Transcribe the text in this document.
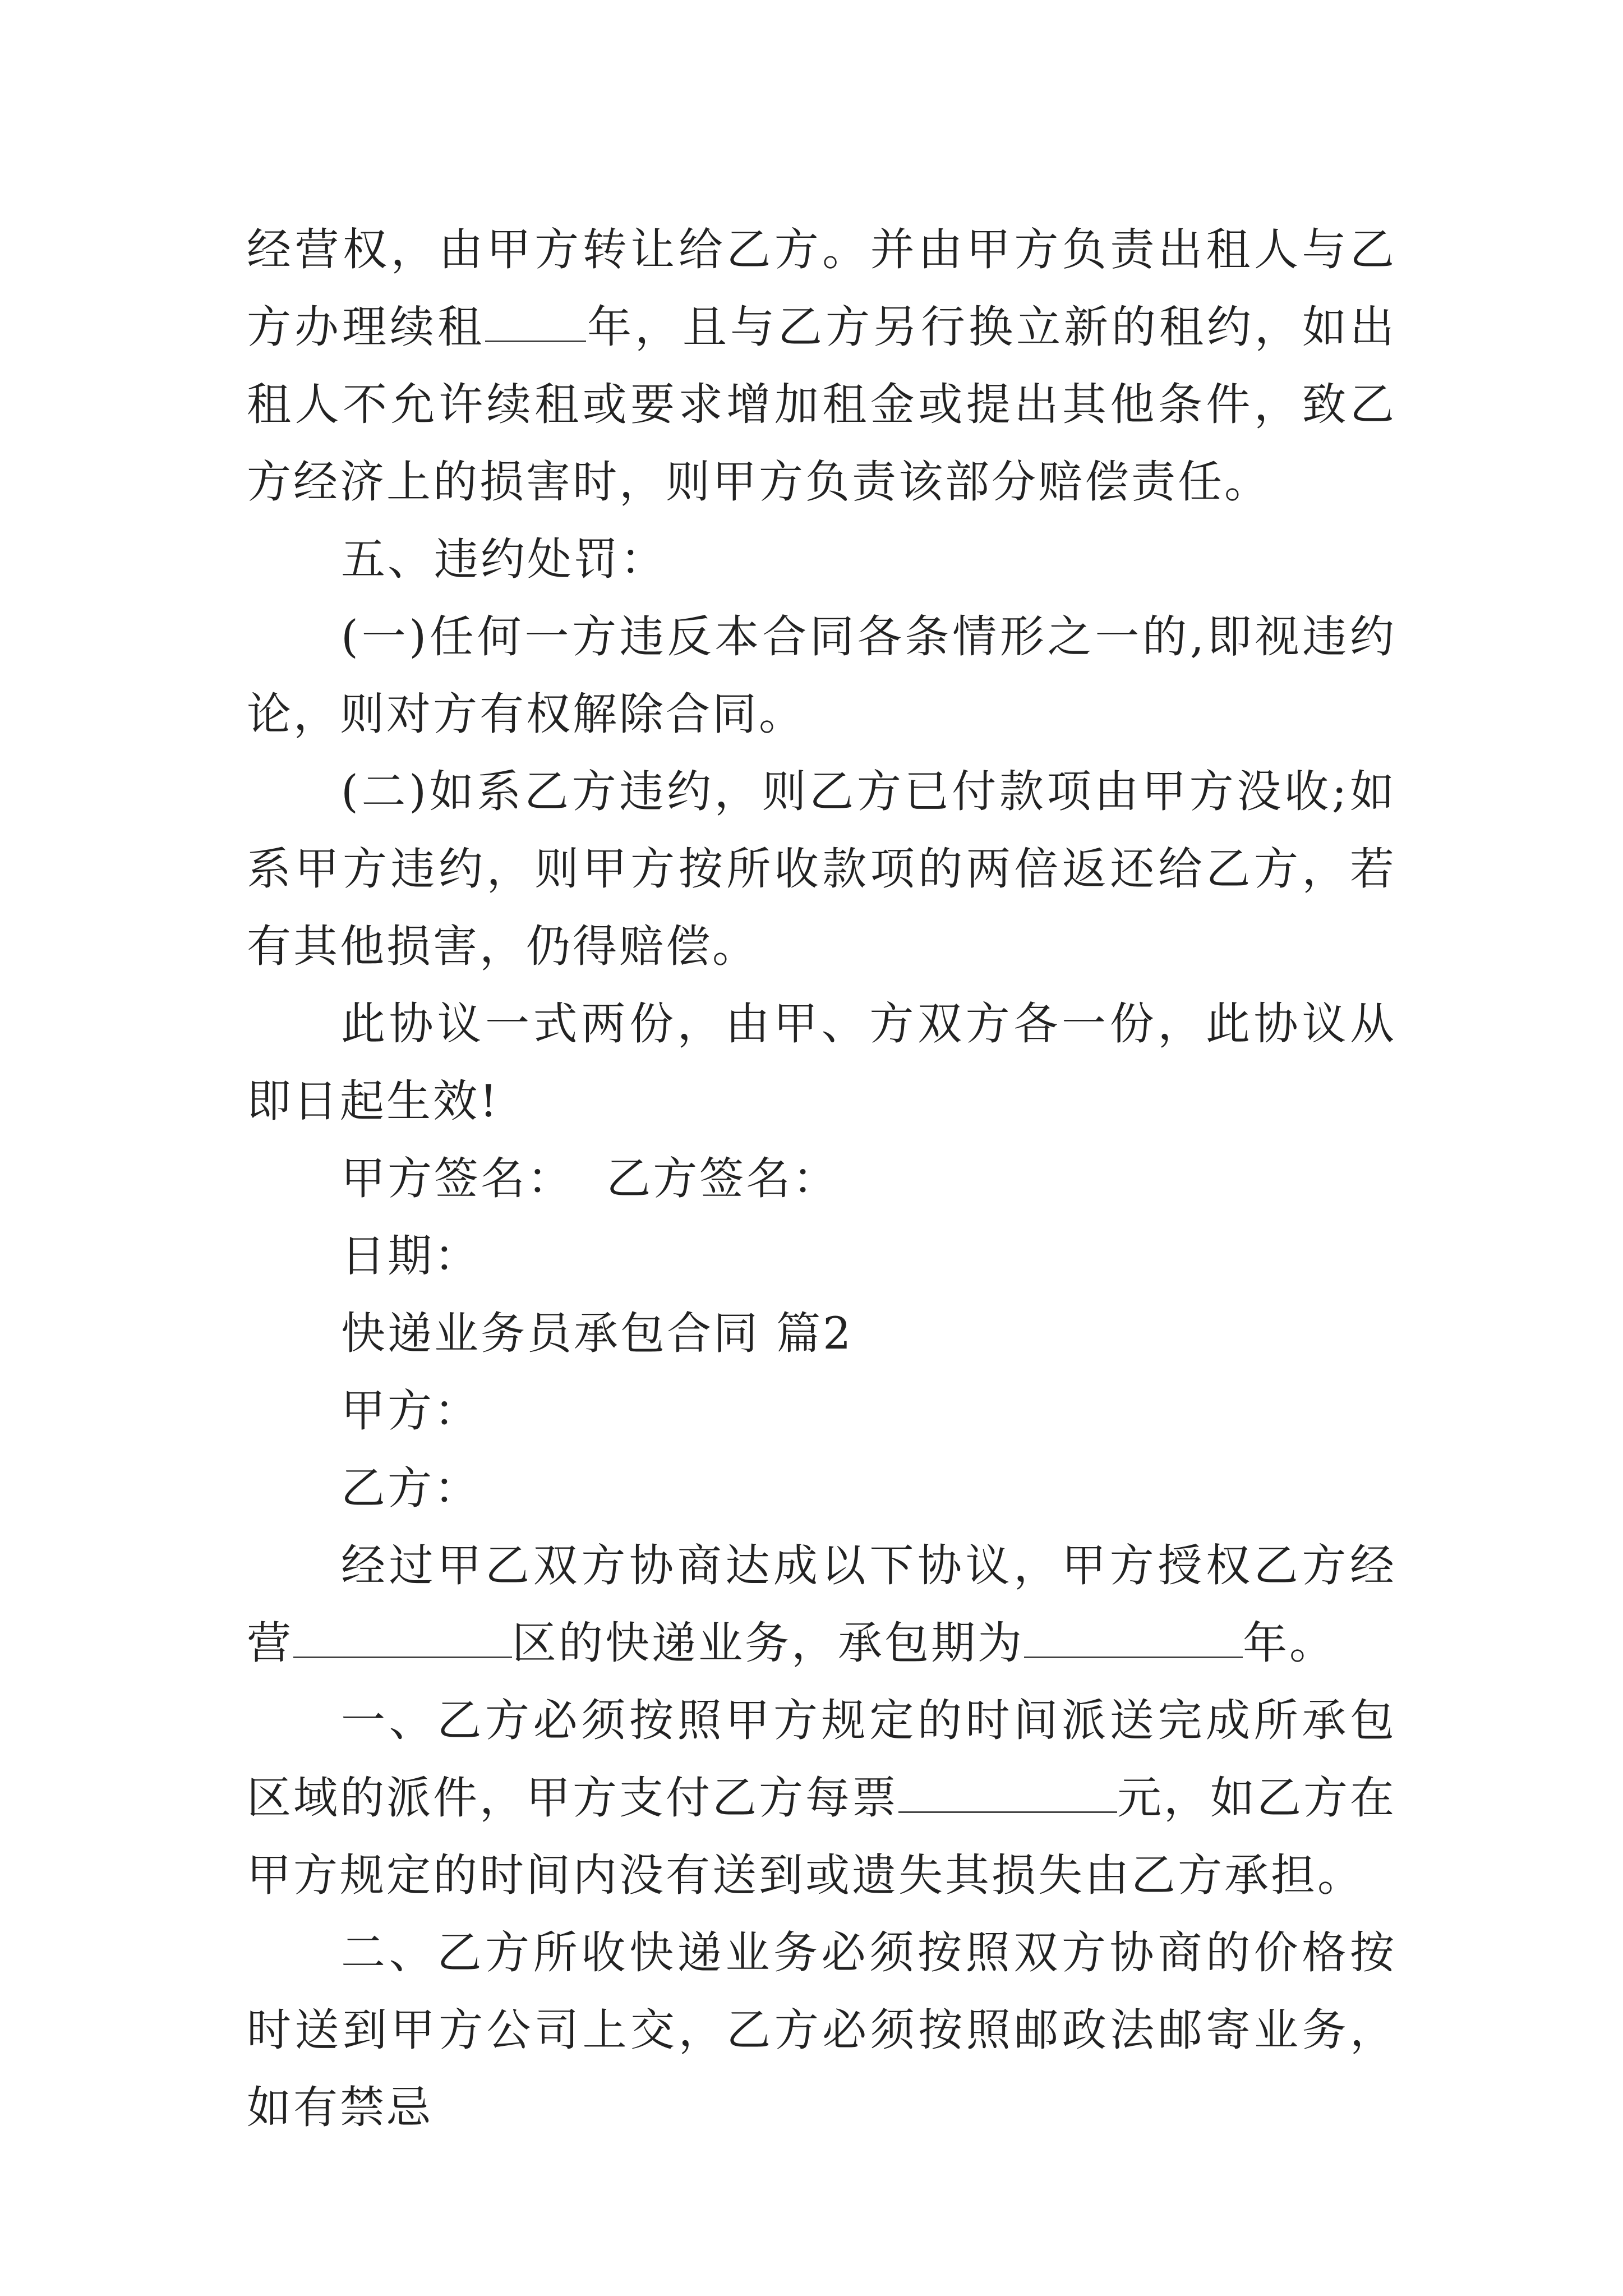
经营权，由甲方转让给乙方。并由甲方负责出租人与乙方办理续租 年，且与乙方另行换立新的租约，如出租人不允许续租或要求增加租金或提出其他条件，致乙方经济上的损害时，则甲方负责该部分赔偿责任。

五、违约处罚：

(一)任何一方违反本合同各条情形之一的,即视违约论，则对方有权解除合同。

(二)如系乙方违约，则乙方已付款项由甲方没收;如系甲方违约，则甲方按所收款项的两倍返还给乙方，若有其他损害，仍得赔偿。

此协议一式两份，由甲、方双方各一份，此协议从即日起生效!

甲方签名：  乙方签名：

日期：

快递业务员承包合同 篇2

甲方：

乙方：

经过甲乙双方协商达成以下协议，甲方授权乙方经营	区的快递业务，承包期为	年。

一、乙方必须按照甲方规定的时间派送完成所承包区域的派件，甲方支付乙方每票	元，如乙方在甲方规定的时间内没有送到或遗失其损失由乙方承担。

二、乙方所收快递业务必须按照双方协商的价格按时送到甲方公司上交，乙方必须按照邮政法邮寄业务，如有禁忌
